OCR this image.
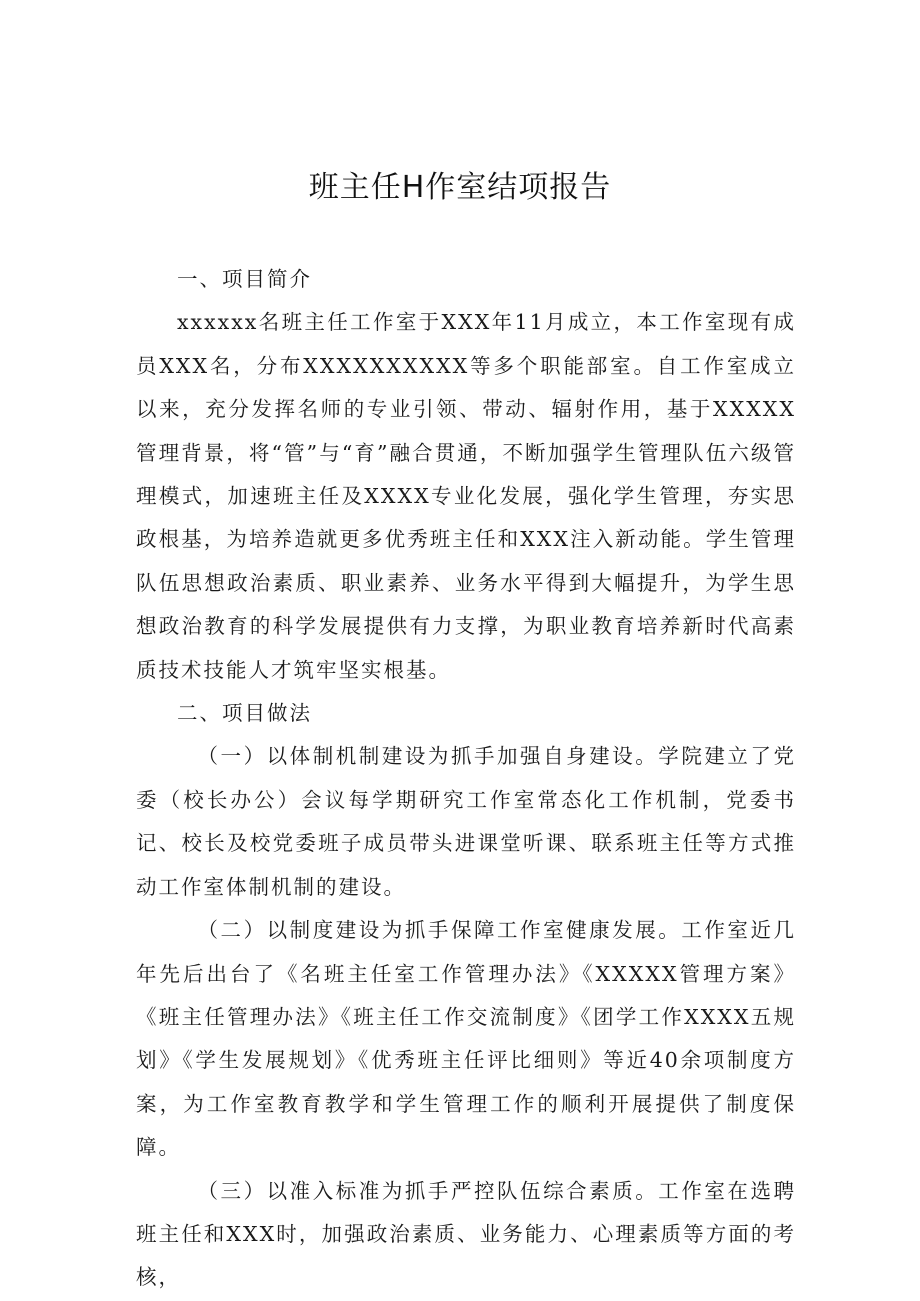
班主任H作室结项报告

一、项目简介

xxxxxx名班主任工作室于XXX年11月成立，本工作室现有成员XXX名，分布XXXXXXXXXX等多个职能部室。自工作室成立以来，充分发挥名师的专业引领、带动、辐射作用，基于XXXXX管理背景，将“管”与“育”融合贯通，不断加强学生管理队伍六级管理模式，加速班主任及XXXX专业化发展，强化学生管理，夯实思政根基，为培养造就更多优秀班主任和XXX注入新动能。学生管理队伍思想政治素质、职业素养、业务水平得到大幅提升，为学生思想政治教育的科学发展提供有力支撑，为职业教育培养新时代高素质技术技能人才筑牢坚实根基。

二、项目做法

（一）以体制机制建设为抓手加强自身建设。学院建立了党委（校长办公）会议每学期研究工作室常态化工作机制，党委书记、校长及校党委班子成员带头进课堂听课、联系班主任等方式推动工作室体制机制的建设。

（二）以制度建设为抓手保障工作室健康发展。工作室近几年先后出台了《名班主任室工作管理办法》《XXXXX管理方案》《班主任管理办法》《班主任工作交流制度》《团学工作XXXX五规划》《学生发展规划》《优秀班主任评比细则》等近40余项制度方案，为工作室教育教学和学生管理工作的顺利开展提供了制度保障。

（三）以准入标准为抓手严控队伍综合素质。工作室在选聘班主任和XXX时，加强政治素质、业务能力、心理素质等方面的考核，
